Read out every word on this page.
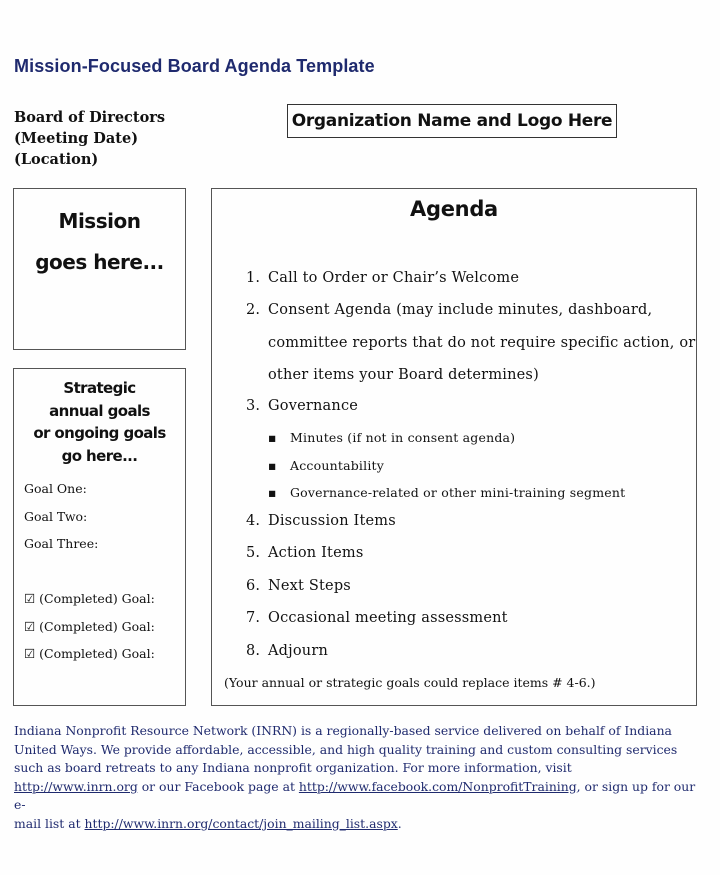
Mission-Focused Board Agenda Template
Board of Directors
(Meeting Date)
(Location)
Organization Name and Logo Here
Mission
goes here...
Strategic
annual goals
or ongoing goals
go here...
Goal One:
Goal Two:
Goal Three:
☑ (Completed) Goal:
☑ (Completed) Goal:
☑ (Completed) Goal:
Agenda
1. Call to Order or Chair’s Welcome
2. Consent Agenda (may include minutes, dashboard,
committee reports that do not require specific action, or
other items your Board determines)
3. Governance
▪ Minutes (if not in consent agenda)
▪ Accountability
▪ Governance-related or other mini-training segment
4. Discussion Items
5. Action Items
6. Next Steps
7. Occasional meeting assessment
8. Adjourn
(Your annual or strategic goals could replace items # 4-6.)
Indiana Nonprofit Resource Network (INRN) is a regionally-based service delivered on behalf of Indiana
United Ways. We provide affordable, accessible, and high quality training and custom consulting services
such as board retreats to any Indiana nonprofit organization. For more information, visit
http://www.inrn.org or our Facebook page at http://www.facebook.com/NonprofitTraining, or sign up for our e-
mail list at http://www.inrn.org/contact/join_mailing_list.aspx.
